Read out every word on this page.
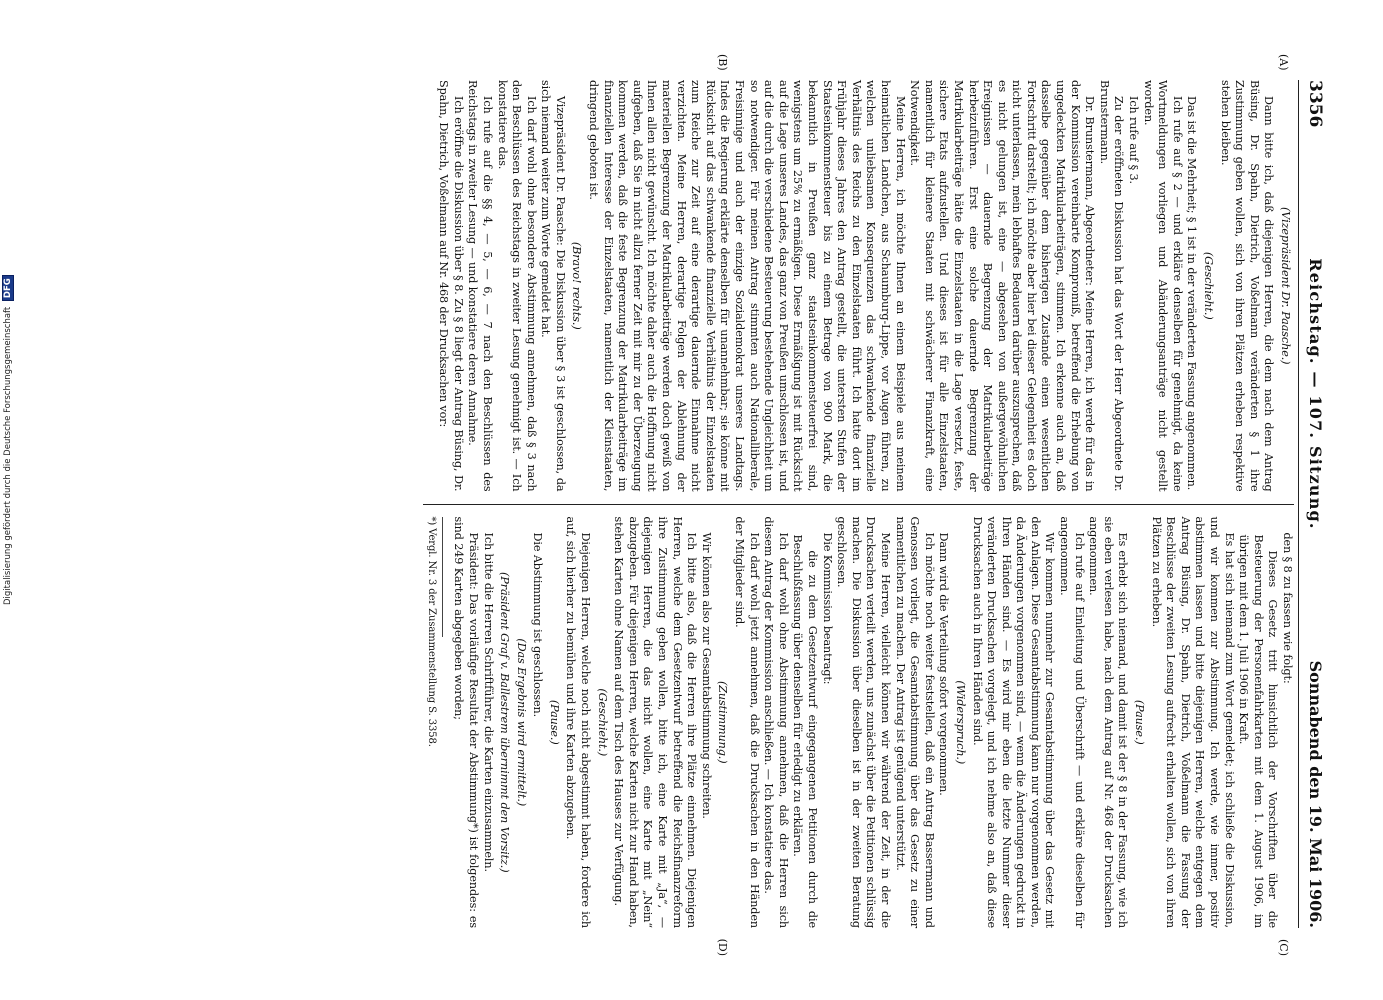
3356
Reichstag. — 107. Sitzung.
Sonnabend den 19. Mai 1906.
(A)
(B)
(C)
(D)

(Vizepräsident Dr. Paasche.)

Dann bitte ich, daß diejenigen Herren, die dem nach dem Antrag Büsing, Dr. Spahn, Dietrich, Voßelmann veränderten § 1 ihre Zustimmung geben wollen, sich von ihren Plätzen erheben respektive stehen bleiben.

(Geschieht.)

Das ist die Mehrheit; § 1 ist in der veränderten Fassung angenommen.

Ich rufe auf § 2 — und erkläre denselben für genehmigt, da keine Wortmeldungen vorliegen und Abänderungsanträge nicht gestellt worden.

Ich rufe auf § 3.

Zu der eröffneten Diskussion hat das Wort der Herr Abgeordnete Dr. Brunstermann.

Dr. Brunstermann, Abgeordneter: Meine Herren, ich werde für das in der Kommission vereinbarte Kompromiß, betreffend die Erhebung von ungedeckten Matrikularbeiträgen, stimmen. Ich erkenne auch an, daß dasselbe gegenüber dem bisherigen Zustande einen wesentlichen Fortschritt darstellt; ich möchte aber hier bei dieser Gelegenheit es doch nicht unterlassen, mein lebhaftes Bedauern darüber auszusprechen, daß es nicht gelungen ist, eine — abgesehen von außergewöhnlichen Ereignissen — dauernde Begrenzung der Matrikularbeiträge herbeizuführen. Erst eine solche dauernde Begrenzung der Matrikularbeiträge hätte die Einzelstaaten in die Lage versetzt, feste, sichere Etats aufzustellen. Und dieses ist für alle Einzelstaaten, namentlich für kleinere Staaten mit schwächerer Finanzkraft, eine Notwendigkeit.

Meine Herren, ich möchte Ihnen an einem Beispiele aus meinem heimatlichen Landchen, aus Schaumburg-Lippe, vor Augen führen, zu welchen unliebsamen Konsequenzen das schwankende finanzielle Verhältnis des Reichs zu den Einzelstaaten führt. Ich hatte dort im Frühjahr dieses Jahres den Antrag gestellt, die untersten Stufen der Staatseinkommensteuer bis zu einem Betrage von 900 Mark, die bekanntlich in Preußen ganz staatseinkommensteuerfrei sind, wenigstens um 25% zu ermäßigen. Diese Ermäßigung ist mit Rücksicht auf die Lage unseres Landes, das ganz von Preußen umschlossen ist, und auf die durch die verschiedene Besteuerung bestehende Ungleichheit um so notwendiger. Für meinen Antrag stimmten auch Nationalliberale, Freisinnige und auch der einzige Sozialdemokrat unseres Landtags. Indes die Regierung erklärte denselben für unannehmbar; sie könne mit Rücksicht auf das schwankende finanzielle Verhältnis der Einzelstaaten zum Reiche zur Zeit auf eine derartige dauernde Einnahme nicht verzichten. Meine Herren, derartige Folgen der Ablehnung der materiellen Begrenzung der Matrikularbeiträge werden doch gewiß von Ihnen allen nicht gewünscht. Ich möchte daher auch die Hoffnung nicht aufgeben, daß Sie in nicht allzu ferner Zeit mit mir zu der Überzeugung kommen werden, daß die feste Begrenzung der Matrikularbeiträge im finanziellen Interesse der Einzelstaaten, namentlich der Kleinstaaten, dringend geboten ist.

(Bravo! rechts.)

Vizepräsident Dr. Paasche: Die Diskussion über § 3 ist geschlossen, da sich niemand weiter zum Worte gemeldet hat.

Ich darf wohl ohne besondere Abstimmung annehmen, daß § 3 nach den Beschlüssen des Reichstags in zweiter Lesung genehmigt ist. — Ich konstatiere das.

Ich rufe auf die §§ 4, — 5, — 6, — 7 nach den Beschlüssen des Reichstags in zweiter Lesung — und konstatiere deren Annahme.

Ich eröffne die Diskussion über § 8. Zu § 8 liegt der Antrag Büsing, Dr. Spahn, Dietrich, Voßelmann auf Nr. 468 der Drucksachen vor:

den § 8 zu fassen wie folgt:

Dieses Gesetz tritt hinsichtlich der Vorschriften über die Besteuerung der Personenfahrkarten mit dem 1. August 1906, im übrigen mit dem 1. Juli 1906 in Kraft.

Es hat sich niemand zum Wort gemeldet; ich schließe die Diskussion, und wir kommen zur Abstimmung. Ich werde, wie immer, positiv abstimmen lassen und bitte diejenigen Herren, welche entgegen dem Antrag Büsing, Dr. Spahn, Dietrich, Voßelmann die Fassung der Beschlüsse der zweiten Lesung aufrecht erhalten wollen, sich von ihren Plätzen zu erheben.

(Pause.)

Es erhebt sich niemand, und damit ist der § 8 in der Fassung, wie ich sie eben verlesen habe, nach dem Antrag auf Nr. 468 der Drucksachen angenommen.

Ich rufe auf Einleitung und Überschrift — und erkläre dieselben für angenommen.

Wir kommen nunmehr zur Gesamtabstimmung über das Gesetz mit den Anlagen. Diese Gesamtabstimmung kann nur vorgenommen werden, da Änderungen vorgenommen sind, — wenn die Änderungen gedruckt in Ihren Händen sind. — Es wird mir eben die letzte Nummer dieser veränderten Drucksachen vorgelegt, und ich nehme also an, daß diese Drucksachen auch in Ihren Händen sind.

(Widerspruch.)

Dann wird die Verteilung sofort vorgenommen.

Ich möchte noch weiter feststellen, daß ein Antrag Bassermann und Genossen vorliegt, die Gesamtabstimmung über das Gesetz zu einer namentlichen zu machen. Der Antrag ist genügend unterstützt.

Meine Herren, vielleicht können wir während der Zeit, in der die Drucksachen verteilt werden, uns zunächst über die Petitionen schlüssig machen. Die Diskussion über dieselben ist in der zweiten Beratung geschlossen.

Die Kommission beantragt:

die zu dem Gesetzentwurf eingegangenen Petitionen durch die Beschlußfassung über denselben für erledigt zu erklären.

Ich darf wohl ohne Abstimmung annehmen, daß die Herren sich diesem Antrag der Kommission anschließen. — Ich konstatiere das.

Ich darf wohl jetzt annehmen, daß die Drucksachen in den Händen der Mitglieder sind.

(Zustimmung.)

Wir können also zur Gesamtabstimmung schreiten.

Ich bitte also, daß die Herren ihre Plätze einnehmen. Diejenigen Herren, welche dem Gesetzentwurf betreffend die Reichsfinanzreform ihre Zustimmung geben wollen, bitte ich, eine Karte mit „Ja“, — diejenigen Herren, die das nicht wollen, eine Karte mit „Nein“ abzugeben. Für diejenigen Herren, welche Karten nicht zur Hand haben, stehen Karten ohne Namen auf dem Tisch des Hauses zur Verfügung.

(Geschieht.)

Diejenigen Herren, welche noch nicht abgestimmt haben, fordere ich auf, sich hierher zu bemühen und ihre Karten abzugeben.

(Pause.)

Die Abstimmung ist geschlossen.

(Das Ergebnis wird ermittelt.)

(Präsident Graf v. Ballestrem übernimmt den Vorsitz.)

Ich bitte die Herren Schriftführer, die Karten einzusammeln.

Präsident: Das vorläufige Resultat der Abstimmung*) ist folgendes: es sind 249 Karten abgegeben worden;

*) Vergl. Nr. 3 der Zusammenstellung S. 3358.

Digitalisierung gefördert durch die Deutsche Forschungsgemeinschaft DFG
